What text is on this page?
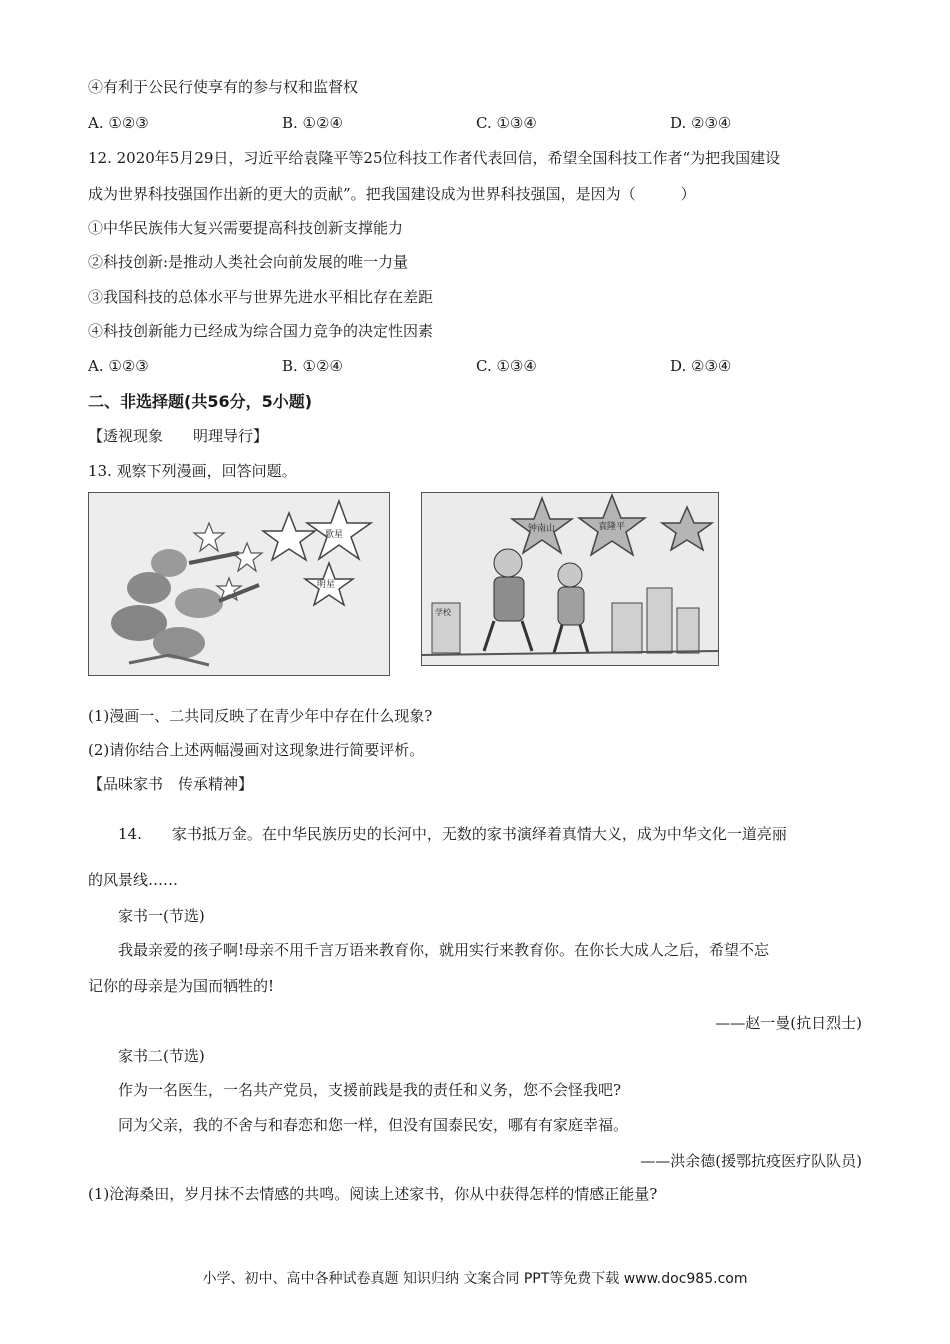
④有利于公民行使享有的参与权和监督权
A. ①②③	B. ①②④	C. ①③④	D. ②③④
12. 2020年5月29日，习近平给袁隆平等25位科技工作者代表回信，希望全国科技工作者“为把我国建设
成为世界科技强国作出新的更大的贡献”。把我国建设成为世界科技强国，是因为（　　　）
①中华民族伟大复兴需要提高科技创新支撑能力
②科技创新:是推动人类社会向前发展的唯一力量
③我国科技的总体水平与世界先进水平相比存在差距
④科技创新能力已经成为综合国力竞争的决定性因素
A. ①②③	B. ①②④	C. ①③④	D. ②③④
二、非选择题(共56分，5小题)
【透视现象　　明理导行】
13. 观察下列漫画，回答问题。
歌星
明星
钟南山	袁隆平
学校
(1)漫画一、二共同反映了在青少年中存在什么现象?
(2)请你结合上述两幅漫画对这现象进行简要评析。
【品味家书　传承精神】
14.　　家书抵万金。在中华民族历史的长河中，无数的家书演绎着真情大义，成为中华文化一道亮丽
的风景线……
家书一(节选)
我最亲爱的孩子啊!母亲不用千言万语来教育你，就用实行来教育你。在你长大成人之后，希望不忘
记你的母亲是为国而牺牲的!
——赵一曼(抗日烈士)
家书二(节选)
作为一名医生，一名共产党员，支援前践是我的责任和义务，您不会怪我吧?
同为父亲，我的不舍与和春恋和您一样，但没有国泰民安，哪有有家庭幸福。
——洪余德(援鄂抗疫医疗队队员)
(1)沧海桑田，岁月抹不去情感的共鸣。阅读上述家书，你从中获得怎样的情感正能量?
小学、初中、高中各种试卷真题 知识归纳 文案合同 PPT等免费下载 www.doc985.com
